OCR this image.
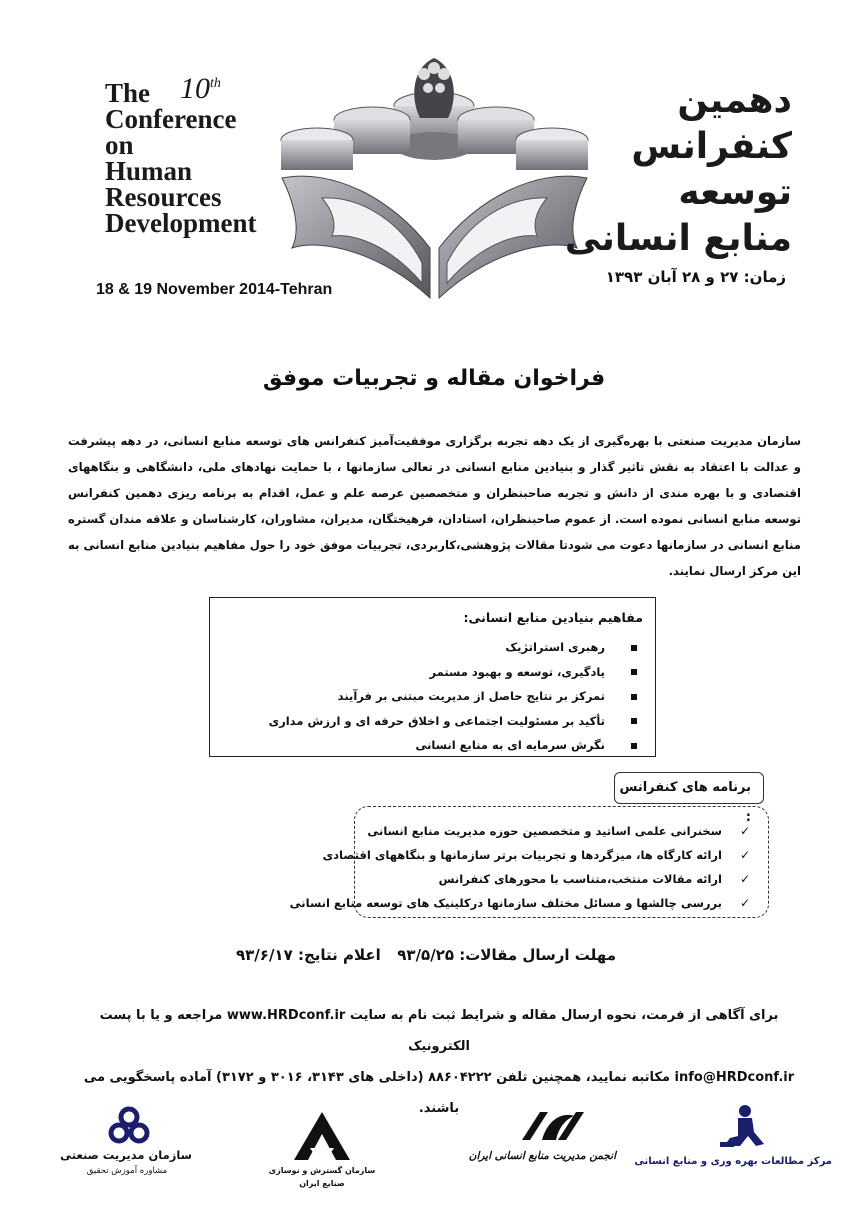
The
Conference
on
Human
Resources
Development
10th
18 & 19 November 2014-Tehran
دهمین
کنفرانس
توسعه
منابع انسانی
زمان: ۲۷ و ۲۸ آبان ۱۳۹۳
فراخوان مقاله و تجربیات موفق
سازمان مدیریت صنعتی با بهره‌گیری از یک دهه تجربه برگزاری موفقیت‌آمیز کنفرانس های توسعه منابع انسانی، در دهه پیشرفت و عدالت با اعتقاد به نقش تاثیر گذار و بنیادین منابع انسانی در تعالی سازمانها ، با حمایت نهادهای ملی، دانشگاهی و بنگاههای اقتصادی و با بهره مندی از دانش و تجربه صاحبنظران و متخصصین عرصه علم و عمل، اقدام به برنامه ریزی دهمین کنفرانس توسعه منابع انسانی نموده است. از عموم صاحبنظران، استادان، فرهیختگان، مدیران، مشاوران، کارشناسان و علاقه مندان گستره منابع انسانی در سازمانها دعوت می شودتا مقالات پژوهشی،کاربردی، تجربیات موفق خود را حول مفاهیم بنیادین منابع انسانی به این مرکز ارسال نمایند.
مفاهیم بنیادین منابع انسانی:
رهبری استراتژیک
یادگیری، توسعه و بهبود مستمر
تمرکز بر نتایج حاصل از مدیریت مبتنی بر فرآیند
تأکید بر مسئولیت اجتماعی و اخلاق حرفه ای و ارزش مداری
نگرش سرمایه ای به منابع انسانی
برنامه های کنفرانس :
✓سخنرانی علمی اساتید و متخصصین حوزه مدیریت منابع انسانی
✓ارائه کارگاه ها، میزگردها و تجربیات برتر سازمانها و بنگاههای اقتصادی
✓ارائه مقالات منتخب،متناسب با محورهای کنفرانس
✓بررسی چالشها و مسائل مختلف سازمانها درکلینیک های توسعه منابع انسانی
مهلت ارسال مقالات: ۹۳/۵/۲۵
اعلام نتایج: ۹۳/۶/۱۷
برای آگاهی از فرمت، نحوه ارسال مقاله و شرایط ثبت نام به سایت www.HRDconf.ir مراجعه و یا با پست الکترونیک
info@HRDconf.ir مکاتبه نمایید، همچنین تلفن ۸۸۶۰۴۲۲۲ (داخلی های ۳۱۴۳، ۳۰۱۶ و ۳۱۷۲) آماده پاسخگویی می باشند.
سازمان مدیریت صنعتی
مشاوره آموزش تحقیق	سازمان گسترش و نوسازی
صنایع ایران
انجمن مدیریت منابع انسانی ایران مرکز مطالعات بهره وری و منابع انسانی
